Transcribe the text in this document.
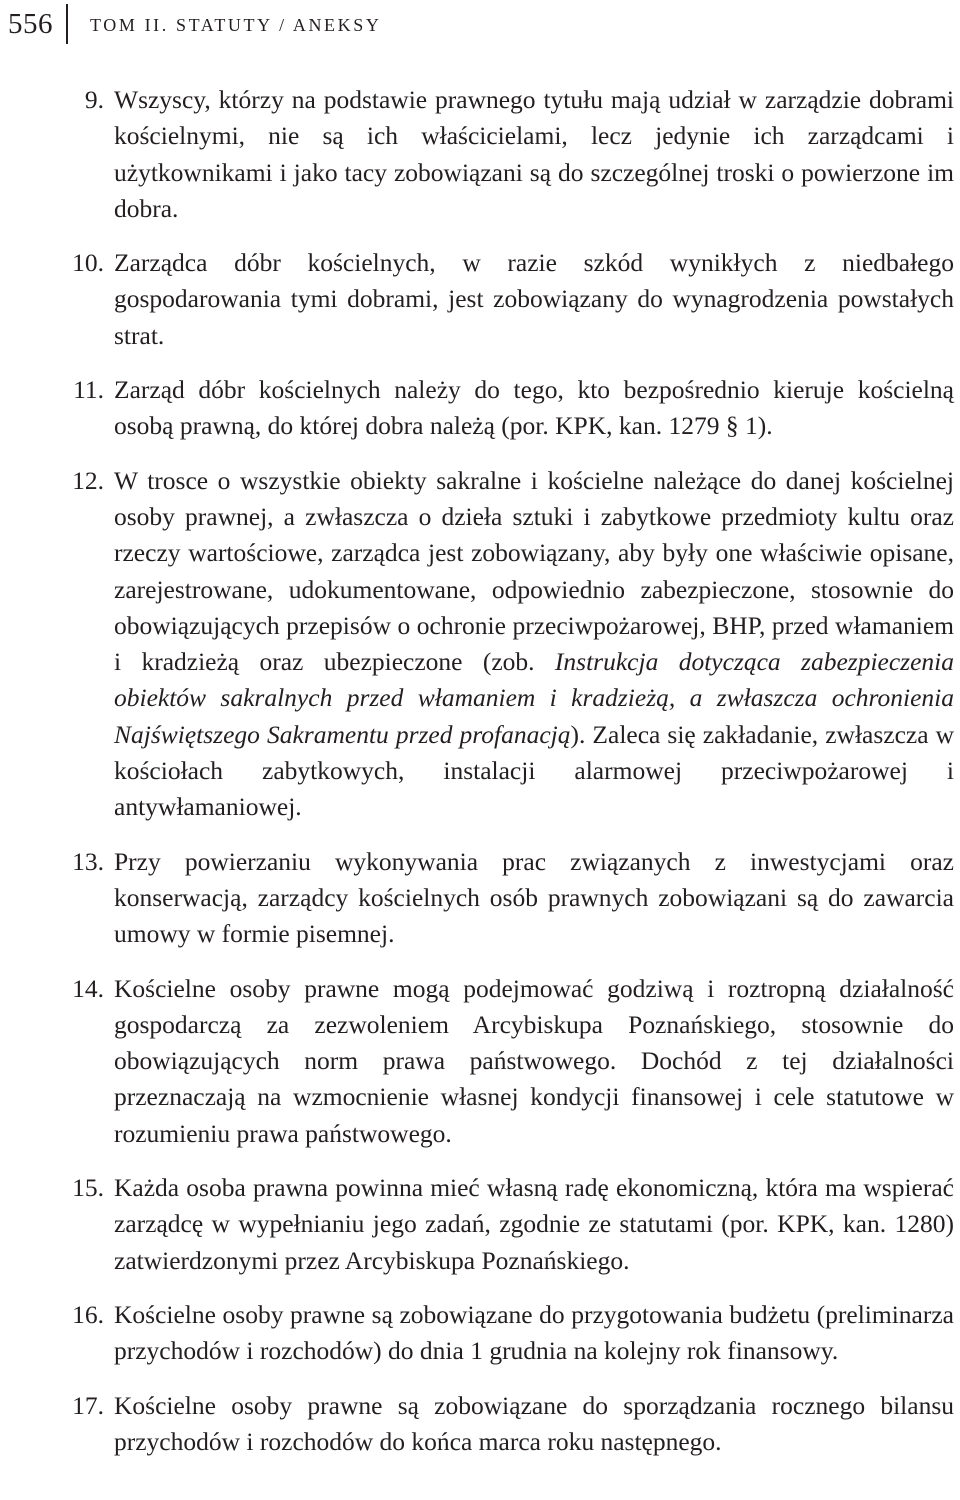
556 TOM II. STATUTY / ANEKSY

9. Wszyscy, którzy na podstawie prawnego tytułu mają udział w zarządzie dobrami kościelnymi, nie są ich właścicielami, lecz jedynie ich zarządcami i użytkownikami i jako tacy zobowiązani są do szczególnej troski o powierzone im dobra.

10. Zarządca dóbr kościelnych, w razie szkód wynikłych z niedbałego gospodarowania tymi dobrami, jest zobowiązany do wynagrodzenia powstałych strat.

11. Zarząd dóbr kościelnych należy do tego, kto bezpośrednio kieruje kościelną osobą prawną, do której dobra należą (por. KPK, kan. 1279 § 1).

12. W trosce o wszystkie obiekty sakralne i kościelne należące do danej kościelnej osoby prawnej, a zwłaszcza o dzieła sztuki i zabytkowe przedmioty kultu oraz rzeczy wartościowe, zarządca jest zobowiązany, aby były one właściwie opisane, zarejestrowane, udokumentowane, odpowiednio zabezpieczone, stosownie do obowiązujących przepisów o ochronie przeciwpożarowej, BHP, przed włamaniem i kradzieżą oraz ubezpieczone (zob. Instrukcja dotycząca zabezpieczenia obiektów sakralnych przed włamaniem i kradzieżą, a zwłaszcza ochronienia Najświętszego Sakramentu przed profanacją). Zaleca się zakładanie, zwłaszcza w kościołach zabytkowych, instalacji alarmowej przeciwpożarowej i antywłamaniowej.

13. Przy powierzaniu wykonywania prac związanych z inwestycjami oraz konserwacją, zarządcy kościelnych osób prawnych zobowiązani są do zawarcia umowy w formie pisemnej.

14. Kościelne osoby prawne mogą podejmować godziwą i roztropną działalność gospodarczą za zezwoleniem Arcybiskupa Poznańskiego, stosownie do obowiązujących norm prawa państwowego. Dochód z tej działalności przeznaczają na wzmocnienie własnej kondycji finansowej i cele statutowe w rozumieniu prawa państwowego.

15. Każda osoba prawna powinna mieć własną radę ekonomiczną, która ma wspierać zarządcę w wypełnianiu jego zadań, zgodnie ze statutami (por. KPK, kan. 1280) zatwierdzonymi przez Arcybiskupa Poznańskiego.

16. Kościelne osoby prawne są zobowiązane do przygotowania budżetu (preliminarza przychodów i rozchodów) do dnia 1 grudnia na kolejny rok finansowy.

17. Kościelne osoby prawne są zobowiązane do sporządzania rocznego bilansu przychodów i rozchodów do końca marca roku następnego.
